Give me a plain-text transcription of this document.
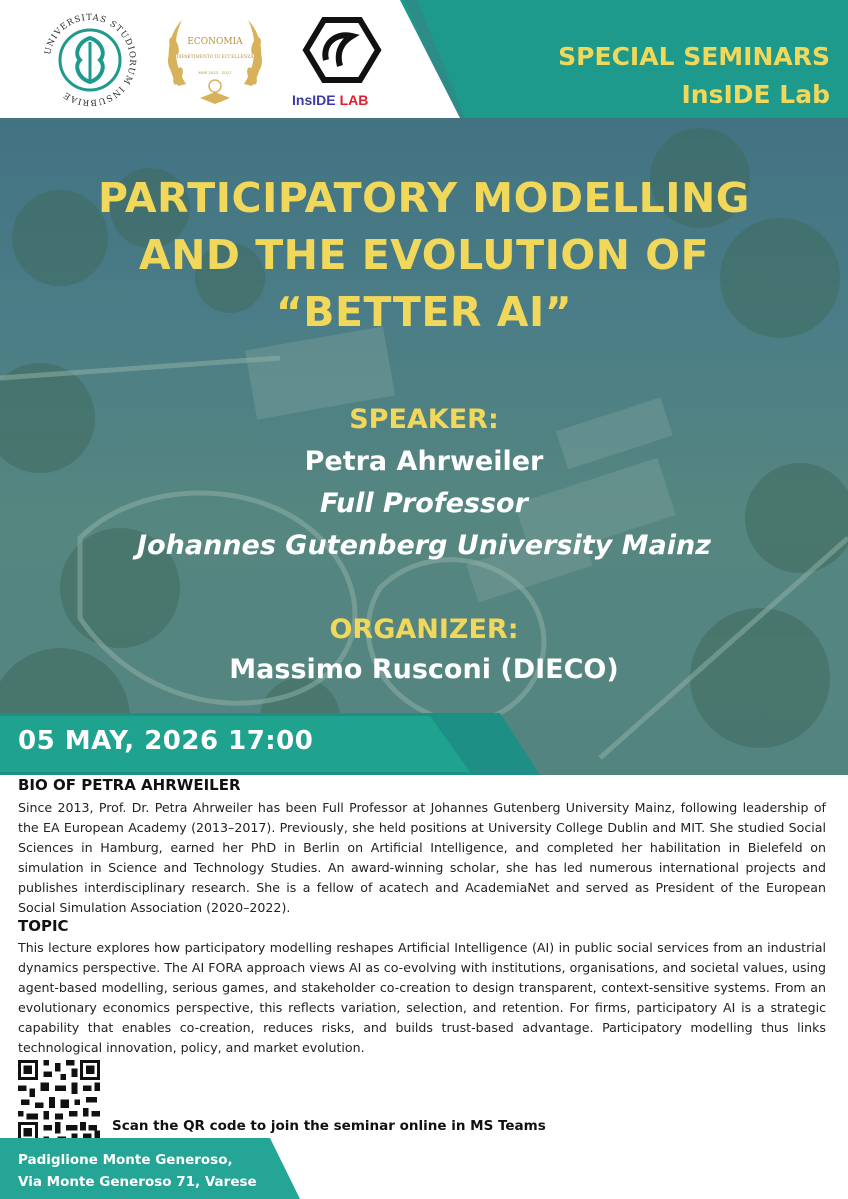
UNIVERSITAS STUDIORUM INSUBRIAE
ECONOMIA
DIPARTIMENTO DI ECCELLENZA
MUR 2023 - 2027
InsIDE LAB
SPECIAL SEMINARS
InsIDE Lab
PARTICIPATORY MODELLING
AND THE EVOLUTION OF
“BETTER AI”
SPEAKER:
Petra Ahrweiler
Full Professor
Johannes Gutenberg University Mainz
ORGANIZER:
Massimo Rusconi (DIECO)
05 MAY, 2026 17:00
BIO OF PETRA AHRWEILER
Since 2013, Prof. Dr. Petra Ahrweiler has been Full Professor at Johannes Gutenberg University Mainz, following leadership of the EA European Academy (2013–2017). Previously, she held positions at University College Dublin and MIT. She studied Social Sciences in Hamburg, earned her PhD in Berlin on Artificial Intelligence, and completed her habilitation in Bielefeld on simulation in Science and Technology Studies. An award-winning scholar, she has led numerous international projects and publishes interdisciplinary research. She is a fellow of acatech and AcademiaNet and served as President of the European Social Simulation Association (2020–2022).
TOPIC
This lecture explores how participatory modelling reshapes Artificial Intelligence (AI) in public social services from an industrial dynamics perspective. The AI FORA approach views AI as co-evolving with institutions, organisations, and societal values, using agent-based modelling, serious games, and stakeholder co-creation to design transparent, context-sensitive systems. From an evolutionary economics perspective, this reflects variation, selection, and retention. For firms, participatory AI is a strategic capability that enables co-creation, reduces risks, and builds trust-based advantage. Participatory modelling thus links technological innovation, policy, and market evolution.
Scan the QR code to join the seminar online in MS Teams
Padiglione Monte Generoso,
Via Monte Generoso 71, Varese
